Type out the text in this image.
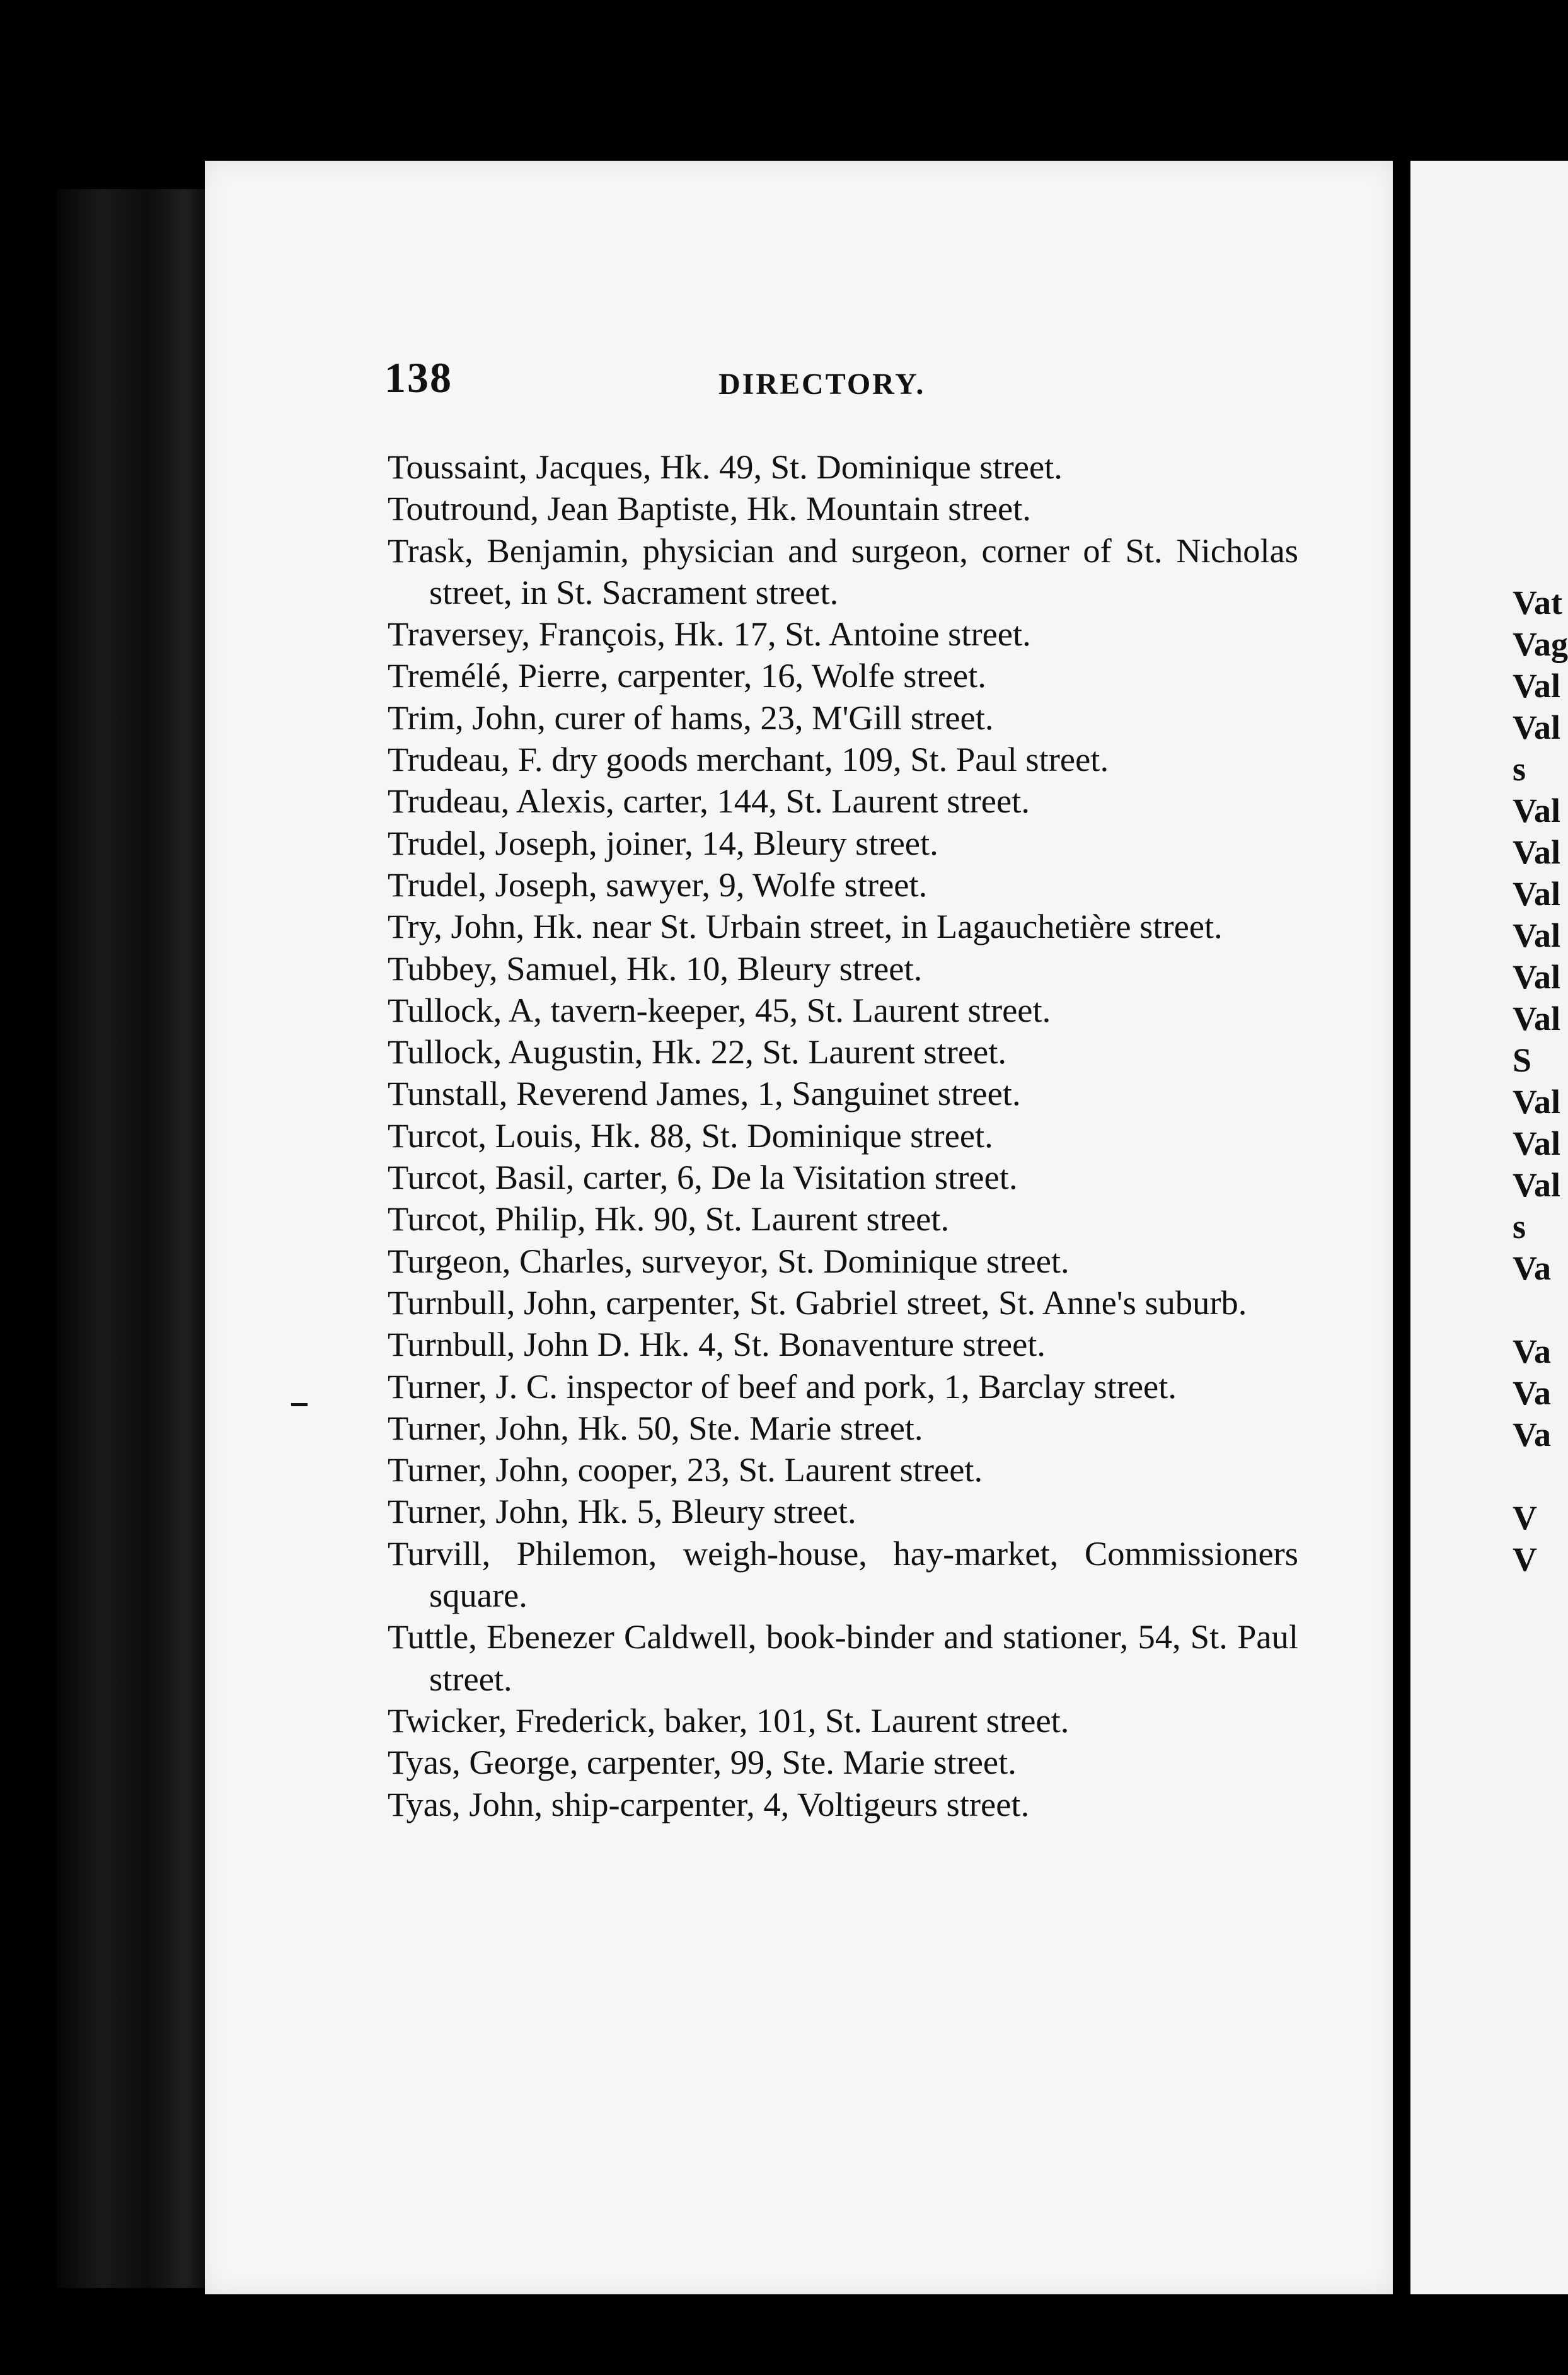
Vat
Vag
Val
Val
s
Val
Val
Val
Val
Val
Val
S
Val
Val
Val
s
Va
Va
Va
Va
V
V
138	DIRECTORY.
Toussaint, Jacques, Hk. 49, St. Dominique street.
Toutround, Jean Baptiste, Hk. Mountain street.
Trask, Benjamin, physician and surgeon, corner of St. Nicholas street, in St. Sacrament street.
Traversey, François, Hk. 17, St. Antoine street.
Tremélé, Pierre, carpenter, 16, Wolfe street.
Trim, John, curer of hams, 23, M'Gill street.
Trudeau, F. dry goods merchant, 109, St. Paul street.
Trudeau, Alexis, carter, 144, St. Laurent street.
Trudel, Joseph, joiner, 14, Bleury street.
Trudel, Joseph, sawyer, 9, Wolfe street.
Try, John, Hk. near St. Urbain street, in Lagauchetière street.
Tubbey, Samuel, Hk. 10, Bleury street.
Tullock, A, tavern-keeper, 45, St. Laurent street.
Tullock, Augustin, Hk. 22, St. Laurent street.
Tunstall, Reverend James, 1, Sanguinet street.
Turcot, Louis, Hk. 88, St. Dominique street.
Turcot, Basil, carter, 6, De la Visitation street.
Turcot, Philip, Hk. 90, St. Laurent street.
Turgeon, Charles, surveyor, St. Dominique street.
Turnbull, John, carpenter, St. Gabriel street, St. Anne's suburb.
Turnbull, John D. Hk. 4, St. Bonaventure street.
Turner, J. C. inspector of beef and pork, 1, Barclay street.
Turner, John, Hk. 50, Ste. Marie street.
Turner, John, cooper, 23, St. Laurent street.
Turner, John, Hk. 5, Bleury street.
Turvill, Philemon, weigh-house, hay-market, Commissioners square.
Tuttle, Ebenezer Caldwell, book-binder and stationer, 54, St. Paul street.
Twicker, Frederick, baker, 101, St. Laurent street.
Tyas, George, carpenter, 99, Ste. Marie street.
Tyas, John, ship-carpenter, 4, Voltigeurs street.
